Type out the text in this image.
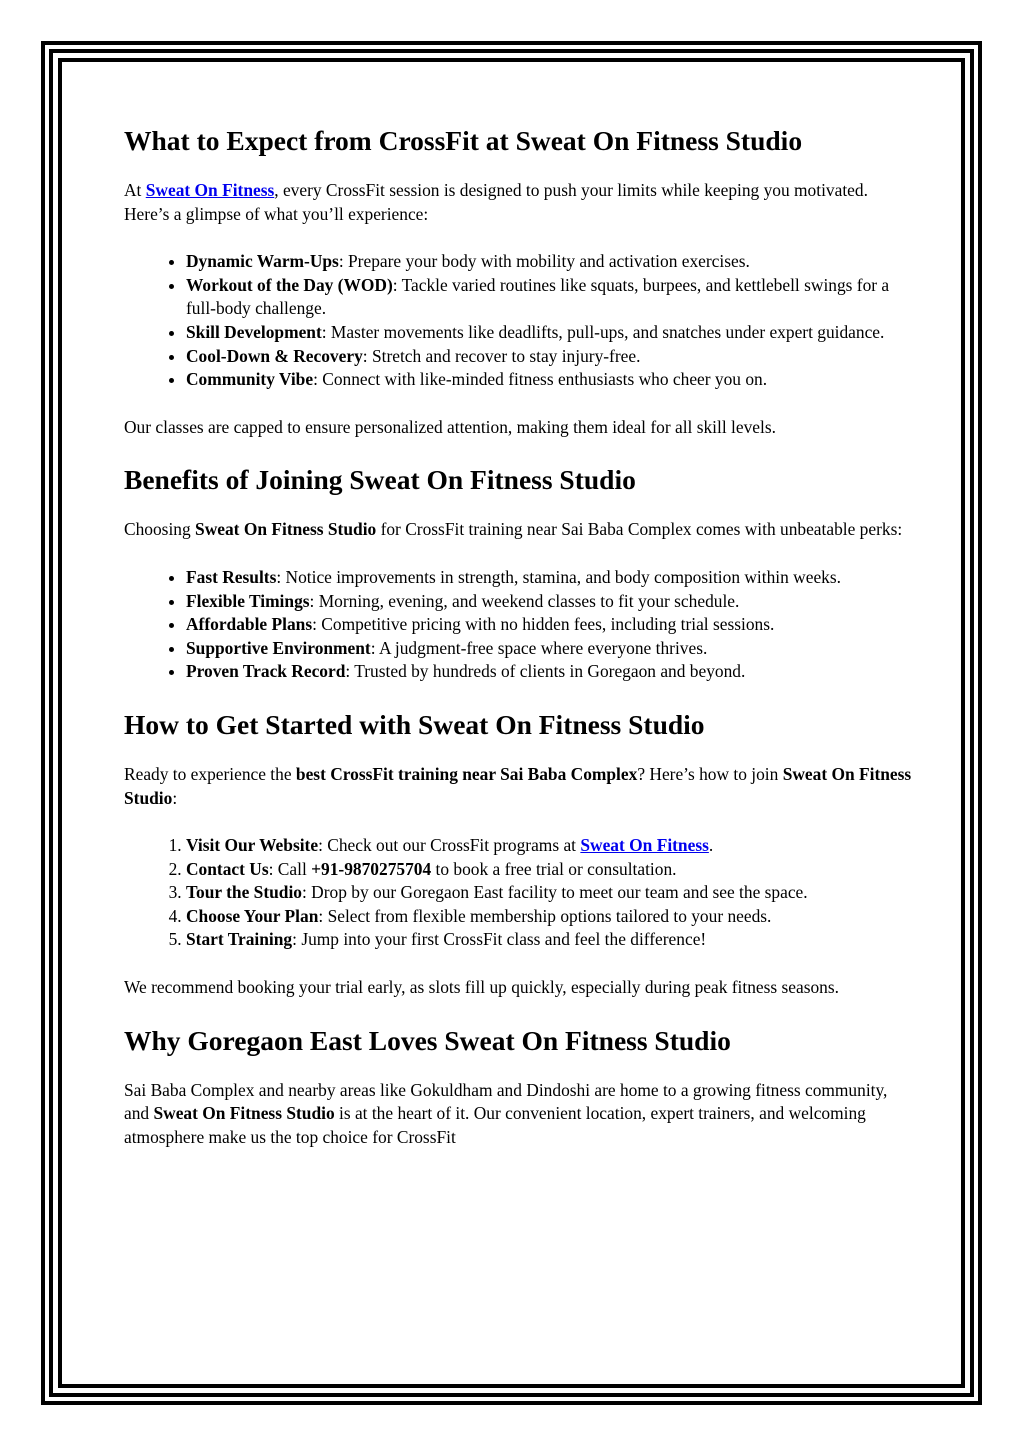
What to Expect from CrossFit at Sweat On Fitness Studio

At Sweat On Fitness, every CrossFit session is designed to push your limits while keeping you motivated. Here’s a glimpse of what you’ll experience:

• Dynamic Warm-Ups: Prepare your body with mobility and activation exercises.
• Workout of the Day (WOD): Tackle varied routines like squats, burpees, and kettlebell swings for a full-body challenge.
• Skill Development: Master movements like deadlifts, pull-ups, and snatches under expert guidance.
• Cool-Down & Recovery: Stretch and recover to stay injury-free.
• Community Vibe: Connect with like-minded fitness enthusiasts who cheer you on.

Our classes are capped to ensure personalized attention, making them ideal for all skill levels.

Benefits of Joining Sweat On Fitness Studio

Choosing Sweat On Fitness Studio for CrossFit training near Sai Baba Complex comes with unbeatable perks:

• Fast Results: Notice improvements in strength, stamina, and body composition within weeks.
• Flexible Timings: Morning, evening, and weekend classes to fit your schedule.
• Affordable Plans: Competitive pricing with no hidden fees, including trial sessions.
• Supportive Environment: A judgment-free space where everyone thrives.
• Proven Track Record: Trusted by hundreds of clients in Goregaon and beyond.
How to Get Started with Sweat On Fitness Studio

Ready to experience the best CrossFit training near Sai Baba Complex? Here’s how to join Sweat On Fitness Studio:

1. Visit Our Website: Check out our CrossFit programs at Sweat On Fitness.
2. Contact Us: Call +91-9870275704 to book a free trial or consultation.
3. Tour the Studio: Drop by our Goregaon East facility to meet our team and see the space.
4. Choose Your Plan: Select from flexible membership options tailored to your needs.
5. Start Training: Jump into your first CrossFit class and feel the difference!

We recommend booking your trial early, as slots fill up quickly, especially during peak fitness seasons.

Why Goregaon East Loves Sweat On Fitness Studio

Sai Baba Complex and nearby areas like Gokuldham and Dindoshi are home to a growing fitness community, and Sweat On Fitness Studio is at the heart of it. Our convenient location, expert trainers, and welcoming atmosphere make us the top choice for CrossFit
